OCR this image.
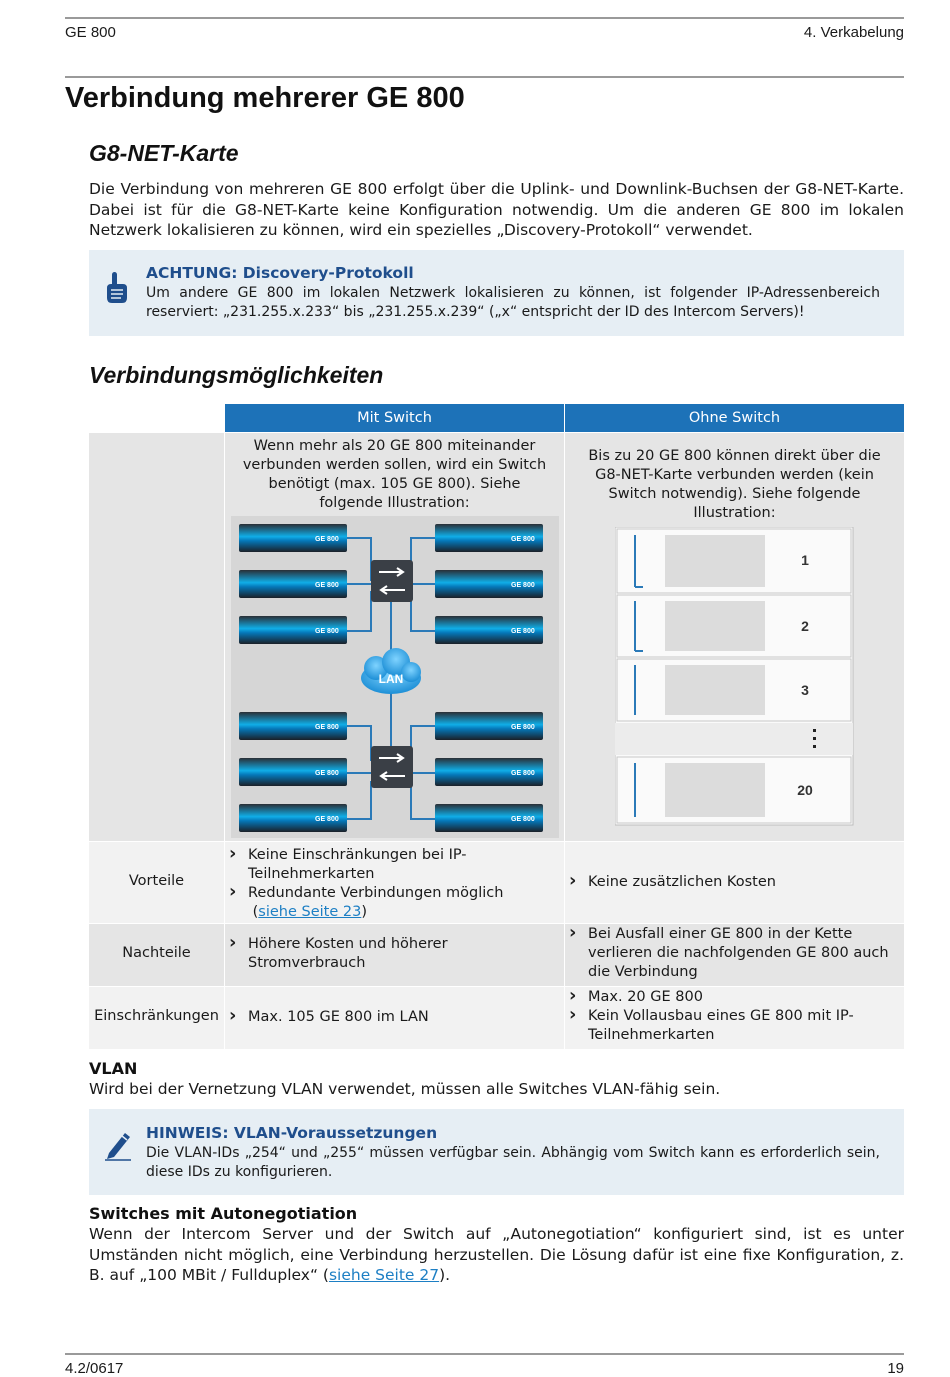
GE 800	4. Verkabelung
Verbindung mehrerer GE 800
G8-NET-Karte

Die Verbindung von mehreren GE 800 erfolgt über die Uplink- und Downlink-Buchsen der G8-NET-Karte. Dabei ist für die G8-NET-Karte keine Konfiguration notwendig. Um die anderen GE 800 im lokalen Netzwerk lokalisieren zu können, wird ein spezielles „Discovery-Protokoll“ verwendet.

ACHTUNG: Discovery-Protokoll
Um andere GE 800 im lokalen Netzwerk lokalisieren zu können, ist folgender IP-Adressenbereich reserviert: „231.255.x.233“ bis „231.255.x.239“ („x“ entspricht der ID des Intercom Servers)!
Verbindungsmöglichkeiten
Mit Switch	Ohne Switch
Wenn mehr als 20 GE 800 miteinander verbunden werden sollen, wird ein Switch benötigt (max. 105 GE 800). Siehe folgende Illustration:
GE 800	GE 800
GE 800	GE 800
GE 800	GE 800
GE 800	GE 800
GE 800	GE 800
GE 800	GE 800
LAN
Bis zu 20 GE 800 können direkt über die G8-NET-Karte verbunden werden (kein Switch notwendig). Siehe folgende Illustration:
1
2
3
20
Vorteile
› Keine Einschränkungen bei IP-Teilnehmerkarten
› Redundante Verbindungen möglich
(siehe Seite 23)
› Keine zusätzlichen Kosten
Nachteile
› Höhere Kosten und höherer Stromverbrauch
› Bei Ausfall einer GE 800 in der Kette verlieren die nachfolgenden GE 800 auch die Verbindung
Einschränkungen
›	Max. 105 GE 800 im LAN
› Max. 20 GE 800
› Kein Vollausbau eines GE 800 mit IP-Teilnehmerkarten
VLAN

Wird bei der Vernetzung VLAN verwendet, müssen alle Switches VLAN-fähig sein.

HINWEIS: VLAN-Voraussetzungen
Die VLAN-IDs „254“ und „255“ müssen verfügbar sein. Abhängig vom Switch kann es erforderlich sein, diese IDs zu konfigurieren.
Switches mit Autonegotiation

Wenn der Intercom Server und der Switch auf „Autonegotiation“ konfiguriert sind, ist es unter Umständen nicht möglich, eine Verbindung herzustellen. Die Lösung dafür ist eine fixe Konfiguration, z. B. auf „100 MBit / Fullduplex“ (siehe Seite 27).

4.2/0617	19
